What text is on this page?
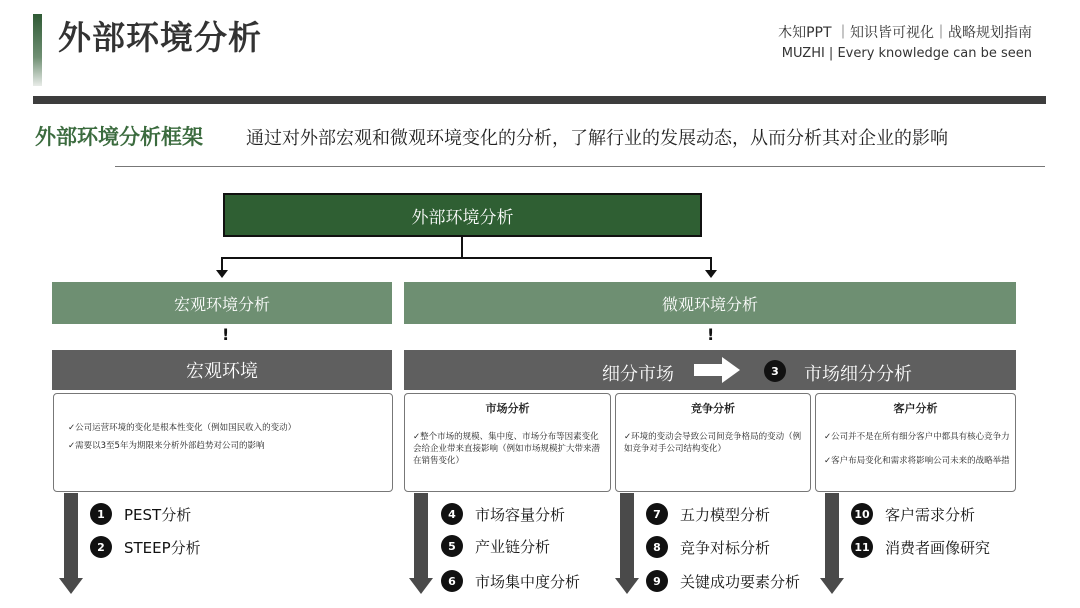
外部环境分析	木知PPT ｜知识皆可视化｜战略规划指南
MUZHI | Every knowledge can be seen
外部环境分析框架 通过对外部宏观和微观环境变化的分析，了解行业的发展动态，从而分析其对企业的影响
外部环境分析
宏观环境分析	微观环境分析
!	!
宏观环境	细分市场	3 市场细分分析
✓公司运营环境的变化是根本性变化（例如国民收入的变动）
✓需要以3至5年为期限来分析外部趋势对公司的影响
市场分析
✓整个市场的规模、集中度、市场分布等因素变化会给企业带来直接影响（例如市场规模扩大带来潜在销售变化）
竞争分析
✓环境的变动会导致公司间竞争格局的变动（例如竞争对手公司结构变化）
客户分析
✓公司并不是在所有细分客户中都具有核心竞争力
✓客户布局变化和需求将影响公司未来的战略举措
1	PEST分析
2	STEEP分析
4	市场容量分析
5	产业链分析
6	市场集中度分析
7	五力模型分析
8	竞争对标分析
9	关键成功要素分析
10 客户需求分析
11 消费者画像研究
